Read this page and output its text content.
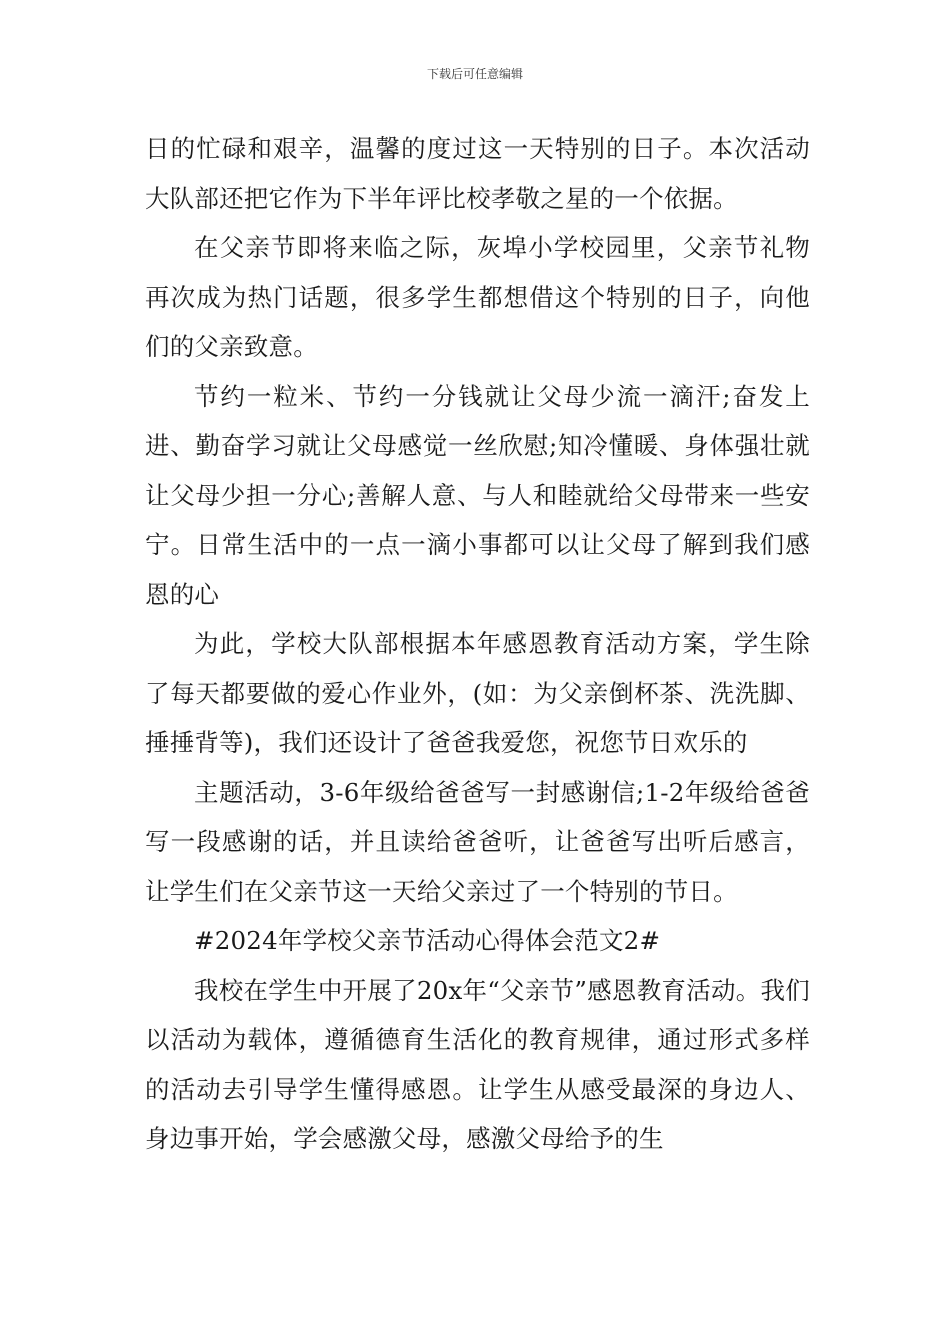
下载后可任意编辑

日的忙碌和艰辛，温馨的度过这一天特别的日子。本次活动大队部还把它作为下半年评比校孝敬之星的一个依据。

在父亲节即将来临之际，灰埠小学校园里，父亲节礼物再次成为热门话题，很多学生都想借这个特别的日子，向他们的父亲致意。

节约一粒米、节约一分钱就让父母少流一滴汗;奋发上进、勤奋学习就让父母感觉一丝欣慰;知冷懂暖、身体强壮就让父母少担一分心;善解人意、与人和睦就给父母带来一些安宁。日常生活中的一点一滴小事都可以让父母了解到我们感恩的心

为此，学校大队部根据本年感恩教育活动方案，学生除了每天都要做的爱心作业外，(如：为父亲倒杯茶、洗洗脚、捶捶背等)，我们还设计了爸爸我爱您，祝您节日欢乐的

主题活动，3-6年级给爸爸写一封感谢信;1-2年级给爸爸写一段感谢的话，并且读给爸爸听，让爸爸写出听后感言，让学生们在父亲节这一天给父亲过了一个特别的节日。

#2024年学校父亲节活动心得体会范文2#

我校在学生中开展了20x年“父亲节”感恩教育活动。我们以活动为载体，遵循德育生活化的教育规律，通过形式多样的活动去引导学生懂得感恩。让学生从感受最深的身边人、身边事开始，学会感激父母，感激父母给予的生
